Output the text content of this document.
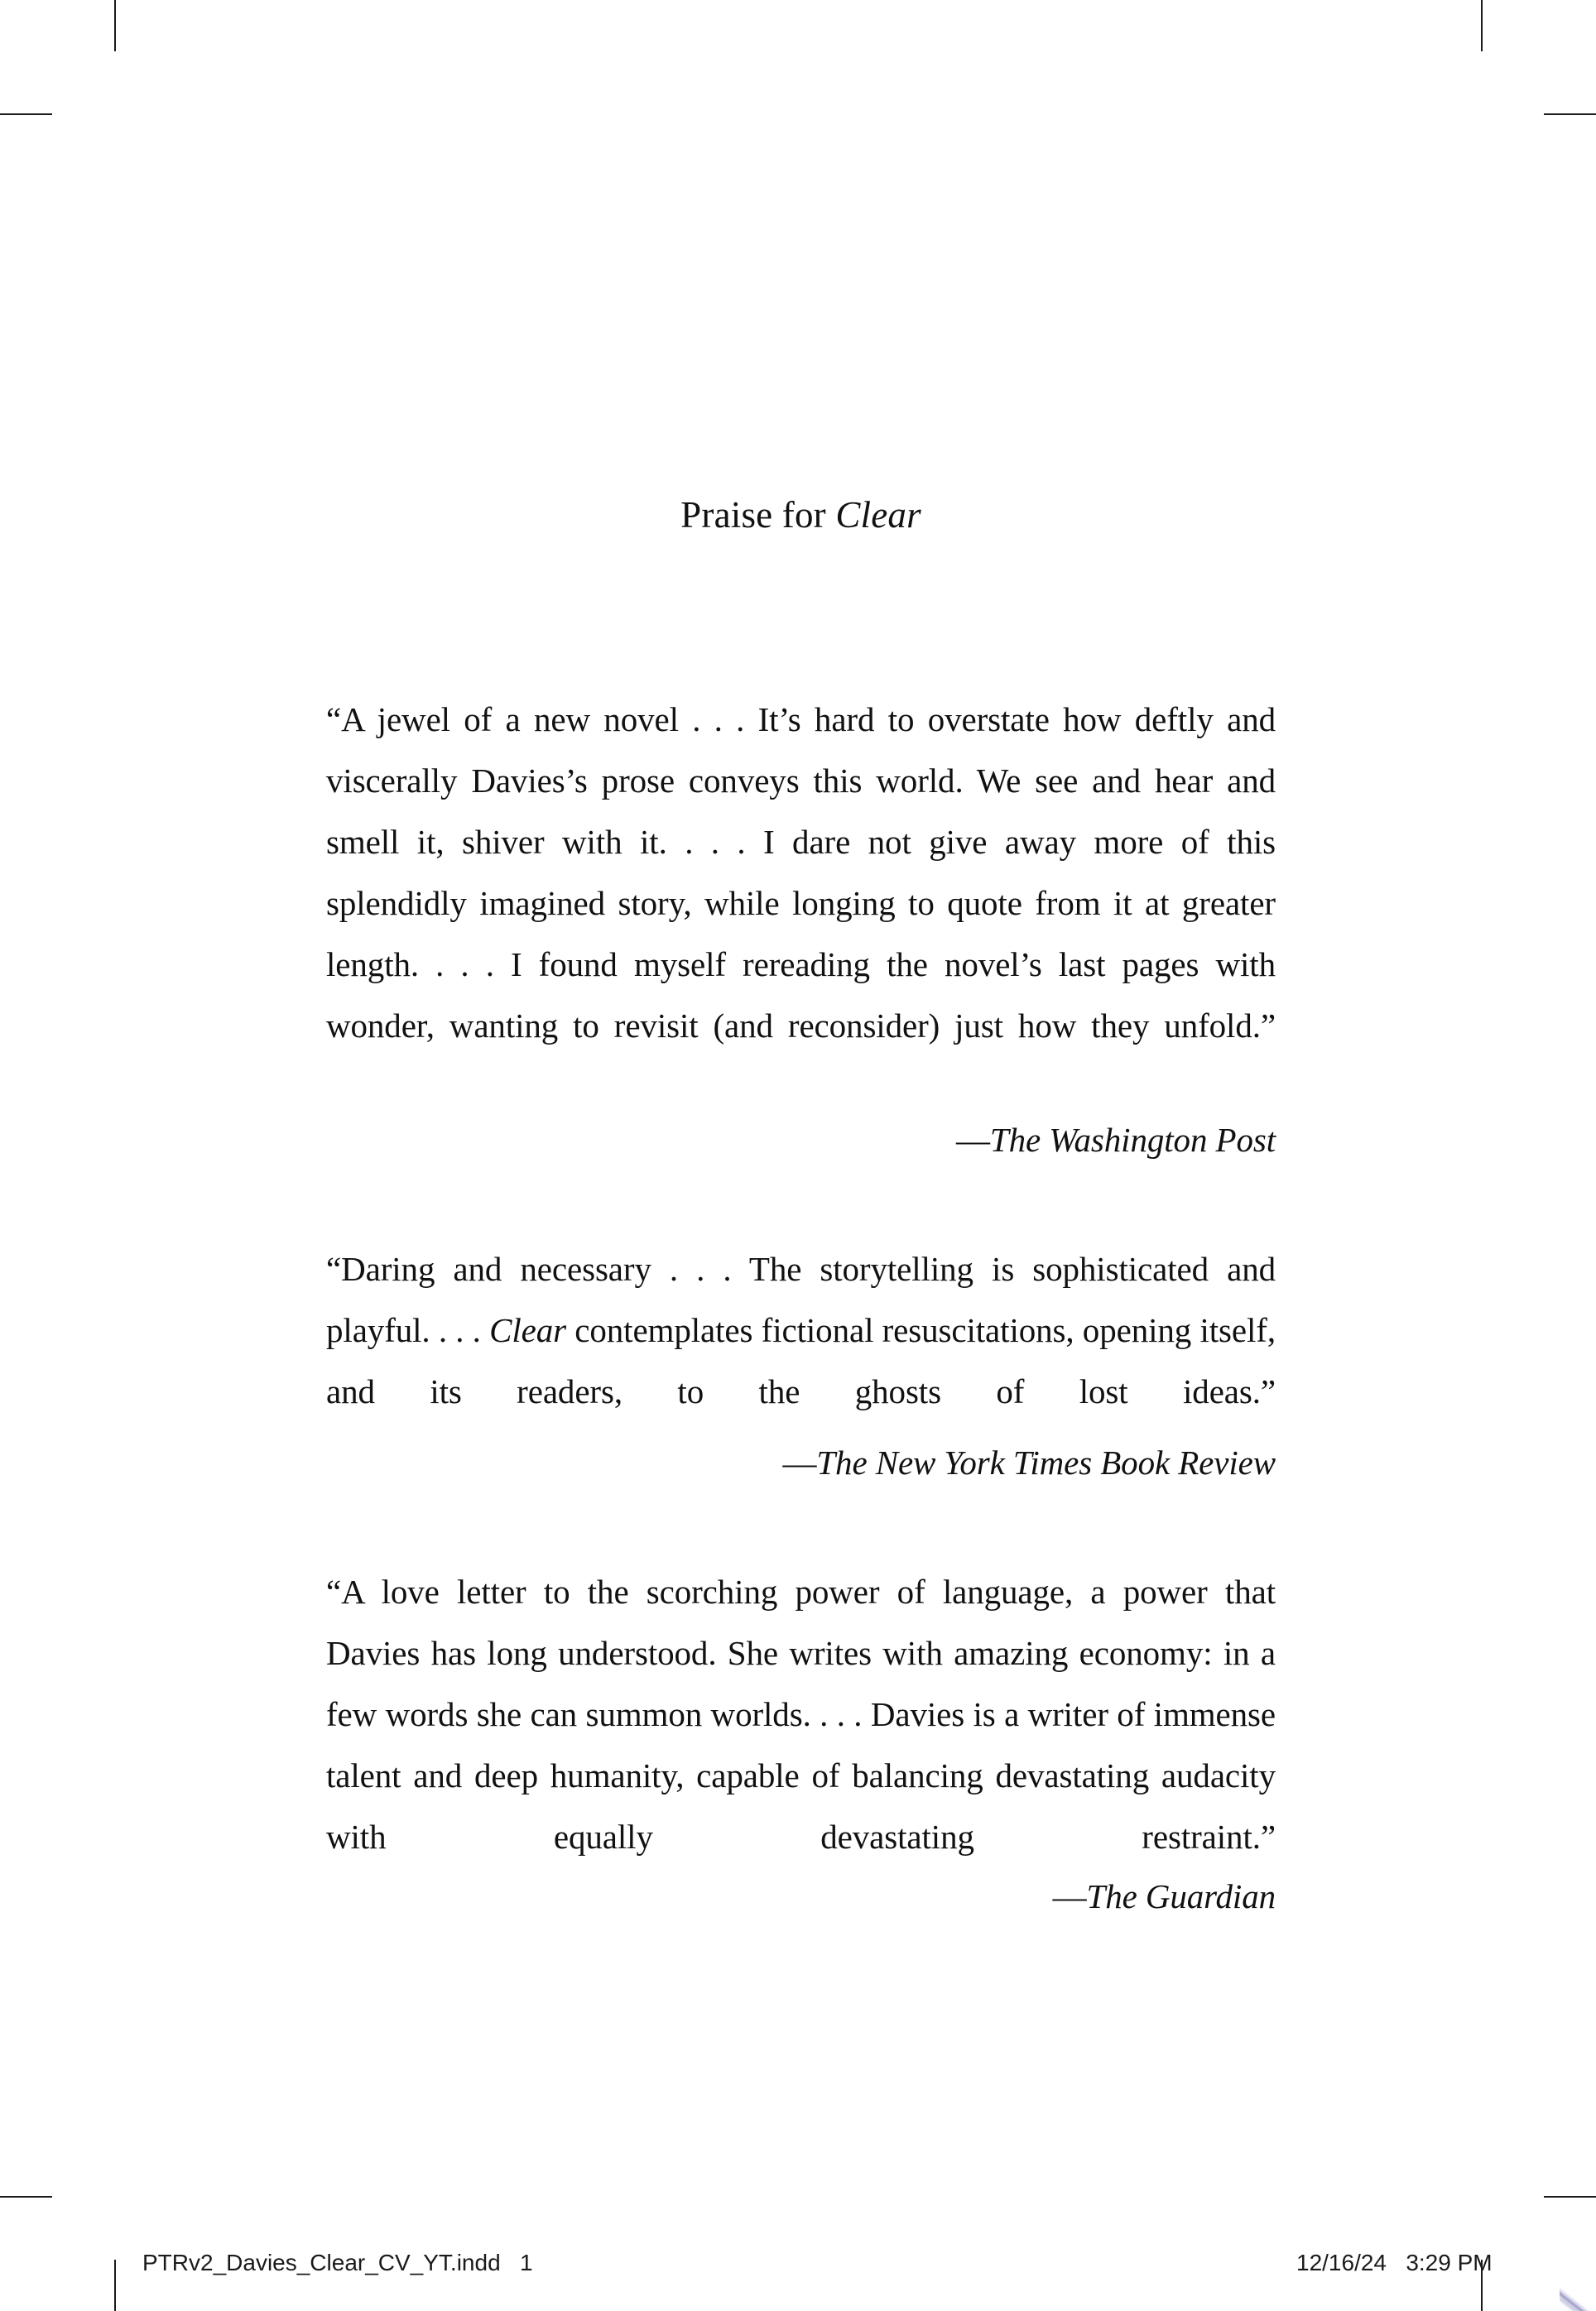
Praise for Clear

“A jewel of a new novel . . . It’s hard to overstate how deftly and viscerally Davies’s prose conveys this world. We see and hear and smell it, shiver with it. . . . I dare not give away more of this splendidly imagined story, while longing to quote from it at greater length. . . . I found myself rereading the novel’s last pages with wonder, wanting to revisit (and reconsider) just how they unfold.”

—The Washington Post

“Daring and necessary . . . The storytelling is sophisticated and playful. . . . Clear contemplates fictional resuscitations, opening itself, and its readers, to the ghosts of lost ideas.”

—The New York Times Book Review

“A love letter to the scorching power of language, a power that Davies has long understood. She writes with amazing economy: in a few words she can summon worlds. . . . Davies is a writer of immense talent and deep humanity, capable of balancing devastating audacity with equally devastating restraint.”

—The Guardian
PTRv2_Davies_Clear_CV_YT.indd   1	12/16/24   3:29 PM
